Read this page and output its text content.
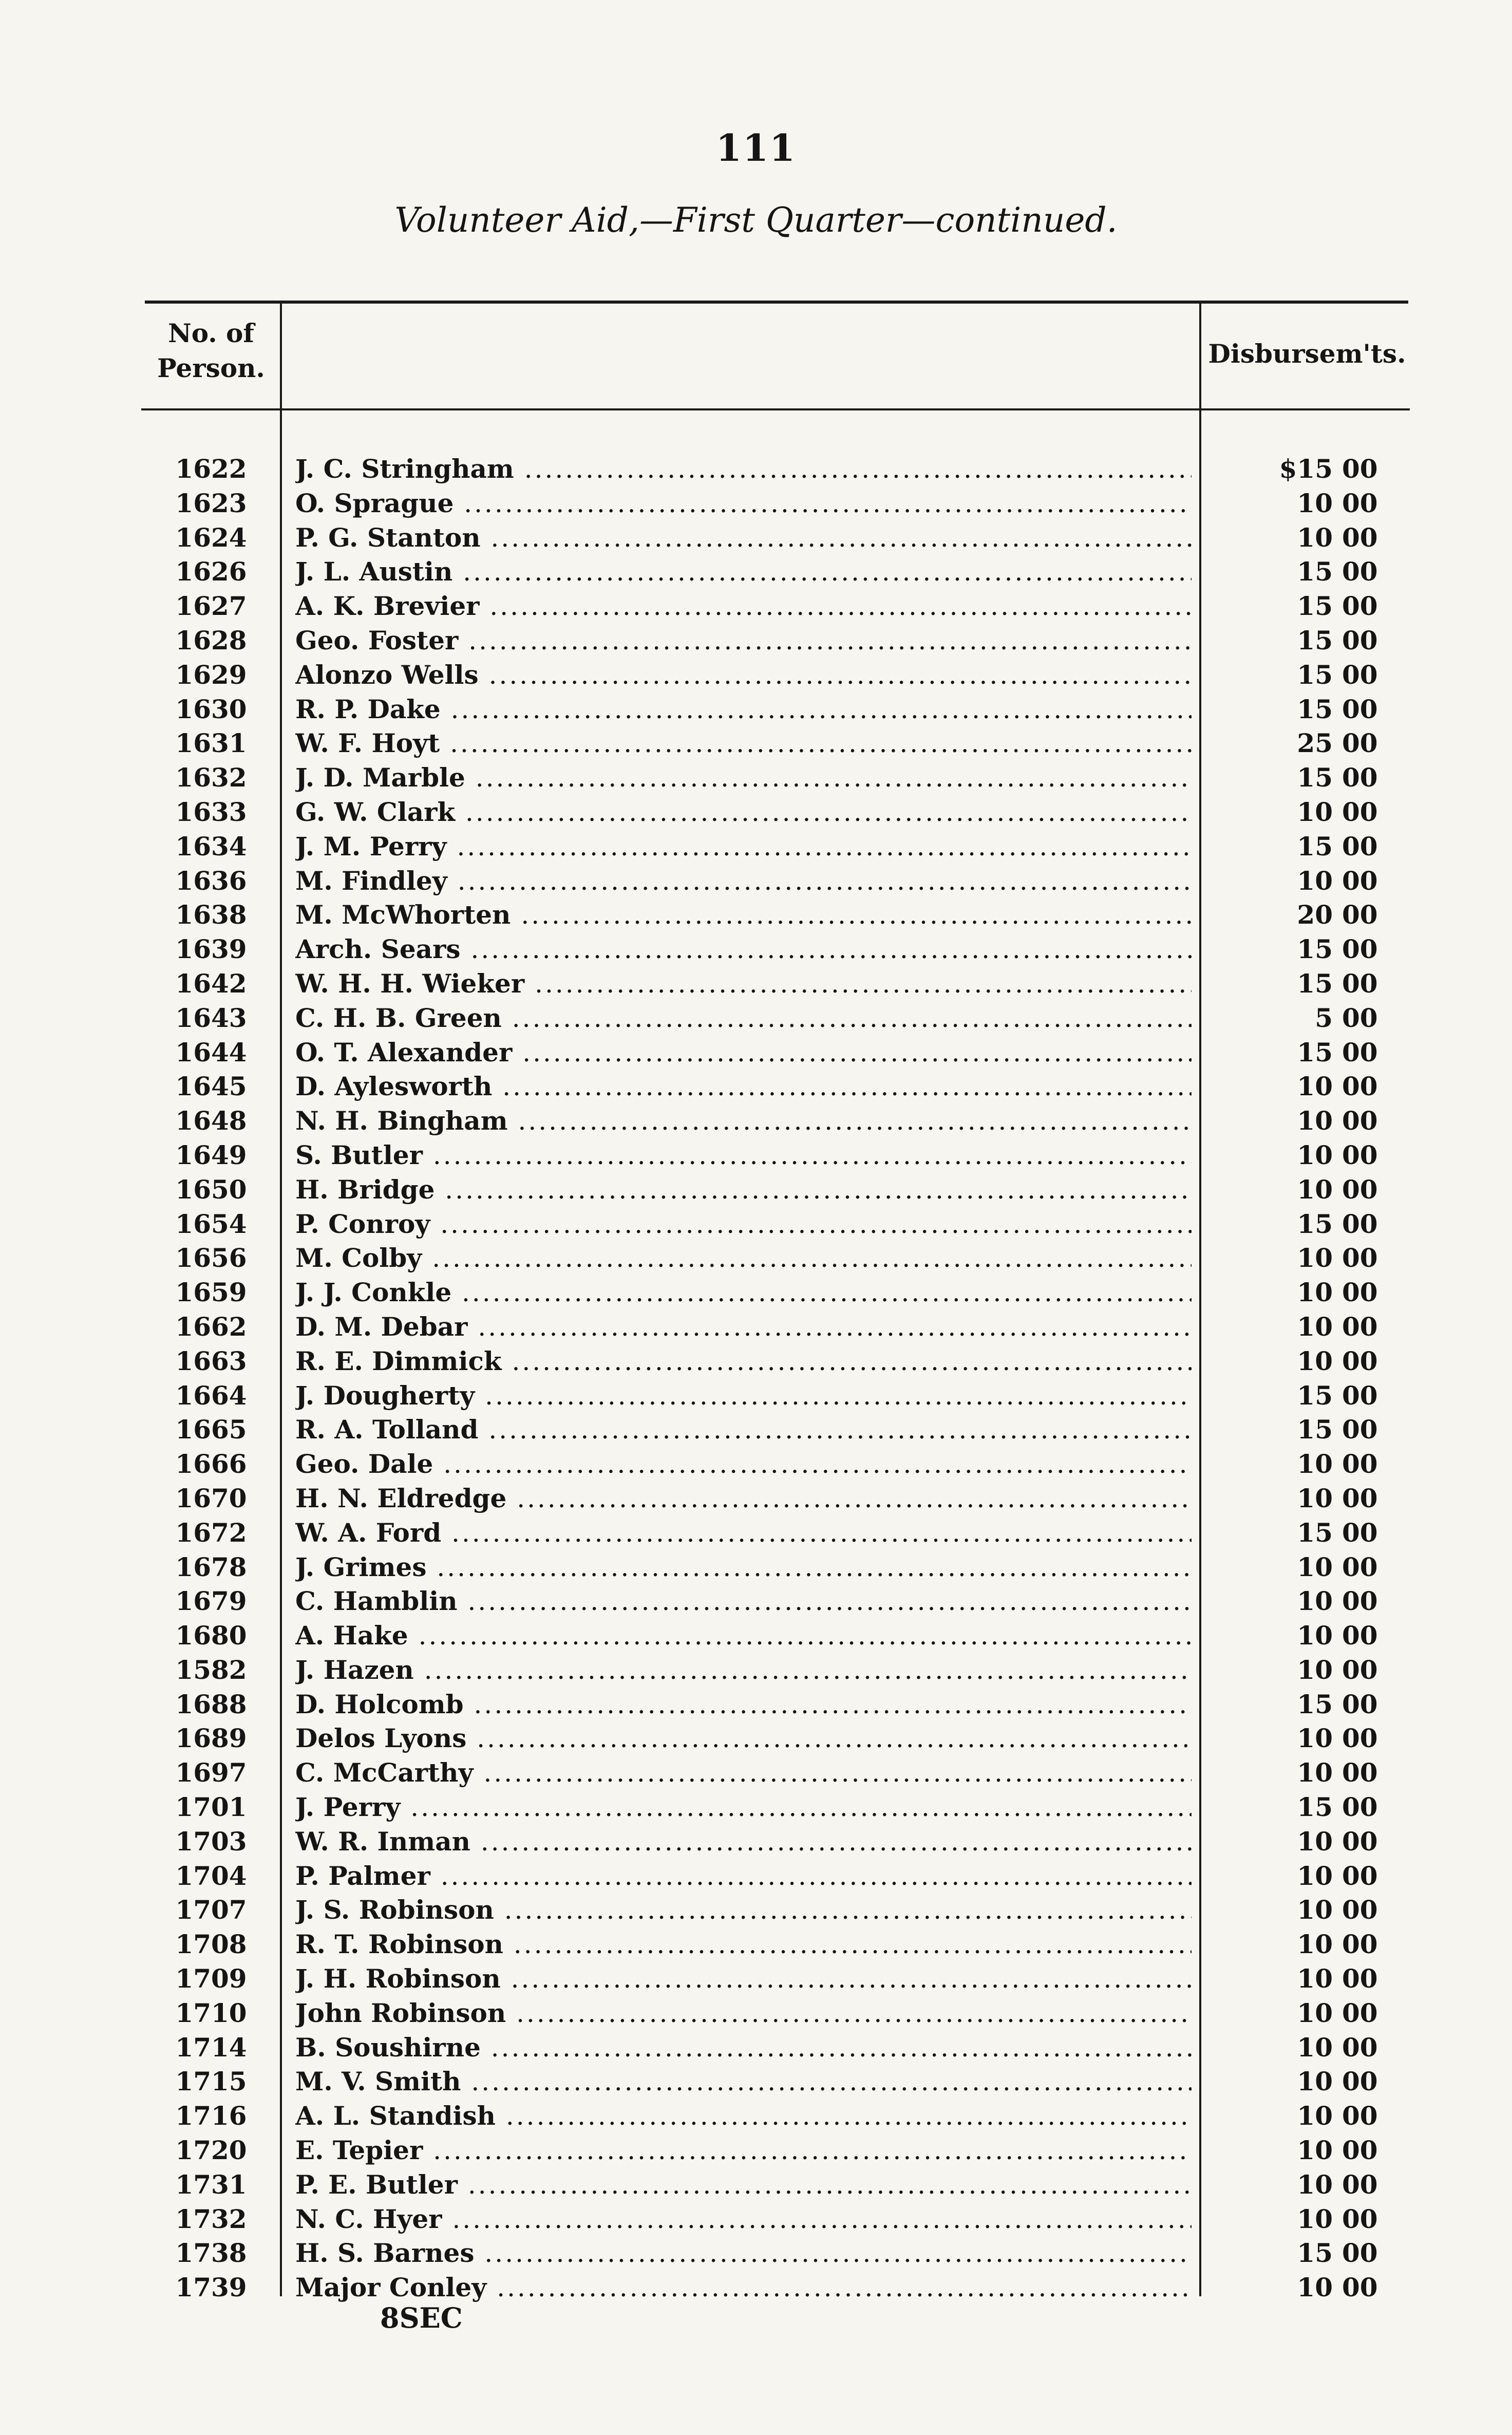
111
Volunteer Aid,—First Quarter—continued.
No. of Person.	Disbursem'ts.
1622	J. C. Stringham .....	$15 00
1623	O. Sprague .....	10 00
1624	P. G. Stanton .....	10 00
1626	J. L. Austin .....	15 00
1627	A. K. Brevier .....	15 00
1628	Geo. Foster .....	15 00
1629	Alonzo Wells .....	15 00
1630	R. P. Dake .....	15 00
1631	W. F. Hoyt .....	25 00
1632	J. D. Marble .....	15 00
1633	G. W. Clark .....	10 00
1634	J. M. Perry .....	15 00
1636	M. Findley .....	10 00
1638	M. McWhorten .....	20 00
1639	Arch. Sears .....	15 00
1642	W. H. H. Wieker .....	15 00
1643	C. H. B. Green .....	5 00
1644	O. T. Alexander .....	15 00
1645	D. Aylesworth .....	10 00
1648	N. H. Bingham .....	10 00
1649	S. Butler .....	10 00
1650	H. Bridge .....	10 00
1654	P. Conroy .....	15 00
1656	M. Colby .....	10 00
1659	J. J. Conkle .....	10 00
1662	D. M. Debar .....	10 00
1663	R. E. Dimmick .....	10 00
1664	J. Dougherty .....	15 00
1665	R. A. Tolland .....	15 00
1666	Geo. Dale .....	10 00
1670	H. N. Eldredge .....	10 00
1672	W. A. Ford .....	15 00
1678	J. Grimes .....	10 00
1679	C. Hamblin .....	10 00
1680	A. Hake .....	10 00
1582	J. Hazen .....	10 00
1688	D. Holcomb .....	15 00
1689	Delos Lyons .....	10 00
1697	C. McCarthy .....	10 00
1701	J. Perry .....	15 00
1703	W. R. Inman .....	10 00
1704	P. Palmer .....	10 00
1707	J. S. Robinson .....	10 00
1708	R. T. Robinson .....	10 00
1709	J. H. Robinson .....	10 00
1710	John Robinson .....	10 00
1714	B. Soushirne .....	10 00
1715	M. V. Smith .....	10 00
1716	A. L. Standish .....	10 00
1720	E. Tepier .....	10 00
1731	P. E. Butler .....	10 00
1732	N. C. Hyer .....	10 00
1738	H. S. Barnes .....	15 00
1739	Major Conley .....	10 00
8SEC
